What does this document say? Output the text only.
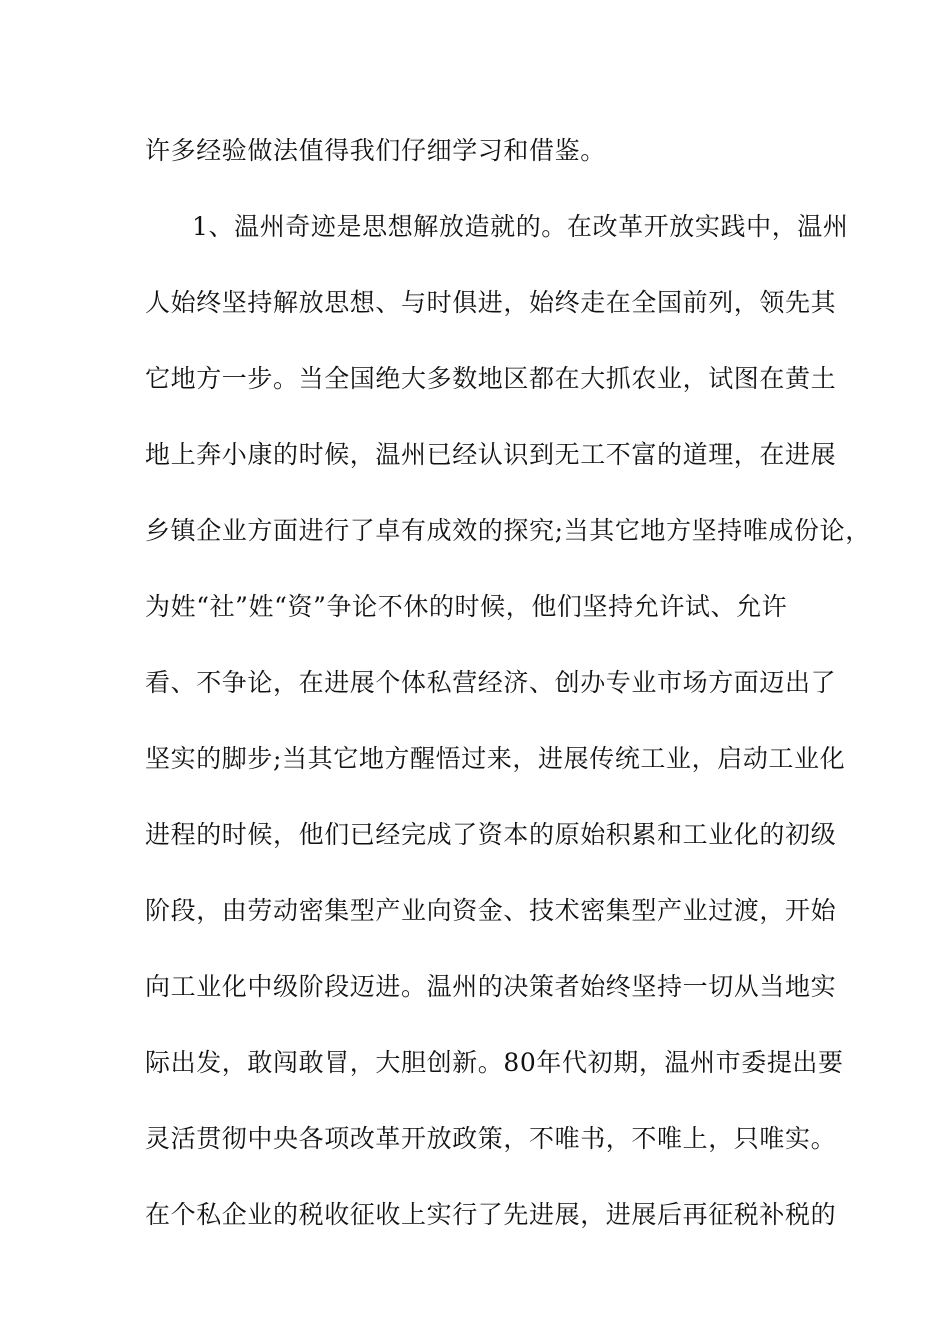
许多经验做法值得我们仔细学习和借鉴。
1、温州奇迹是思想解放造就的。在改革开放实践中，温州
人始终坚持解放思想、与时俱进，始终走在全国前列，领先其
它地方一步。当全国绝大多数地区都在大抓农业，试图在黄土
地上奔小康的时候，温州已经认识到无工不富的道理，在进展
乡镇企业方面进行了卓有成效的探究;当其它地方坚持唯成份论，
为姓“社”姓“资”争论不休的时候，他们坚持允许试、允许
看、不争论，在进展个体私营经济、创办专业市场方面迈出了
坚实的脚步;当其它地方醒悟过来，进展传统工业，启动工业化
进程的时候，他们已经完成了资本的原始积累和工业化的初级
阶段，由劳动密集型产业向资金、技术密集型产业过渡，开始
向工业化中级阶段迈进。温州的决策者始终坚持一切从当地实
际出发，敢闯敢冒，大胆创新。80年代初期，温州市委提出要
灵活贯彻中央各项改革开放政策，不唯书，不唯上，只唯实。
在个私企业的税收征收上实行了先进展，进展后再征税补税的
